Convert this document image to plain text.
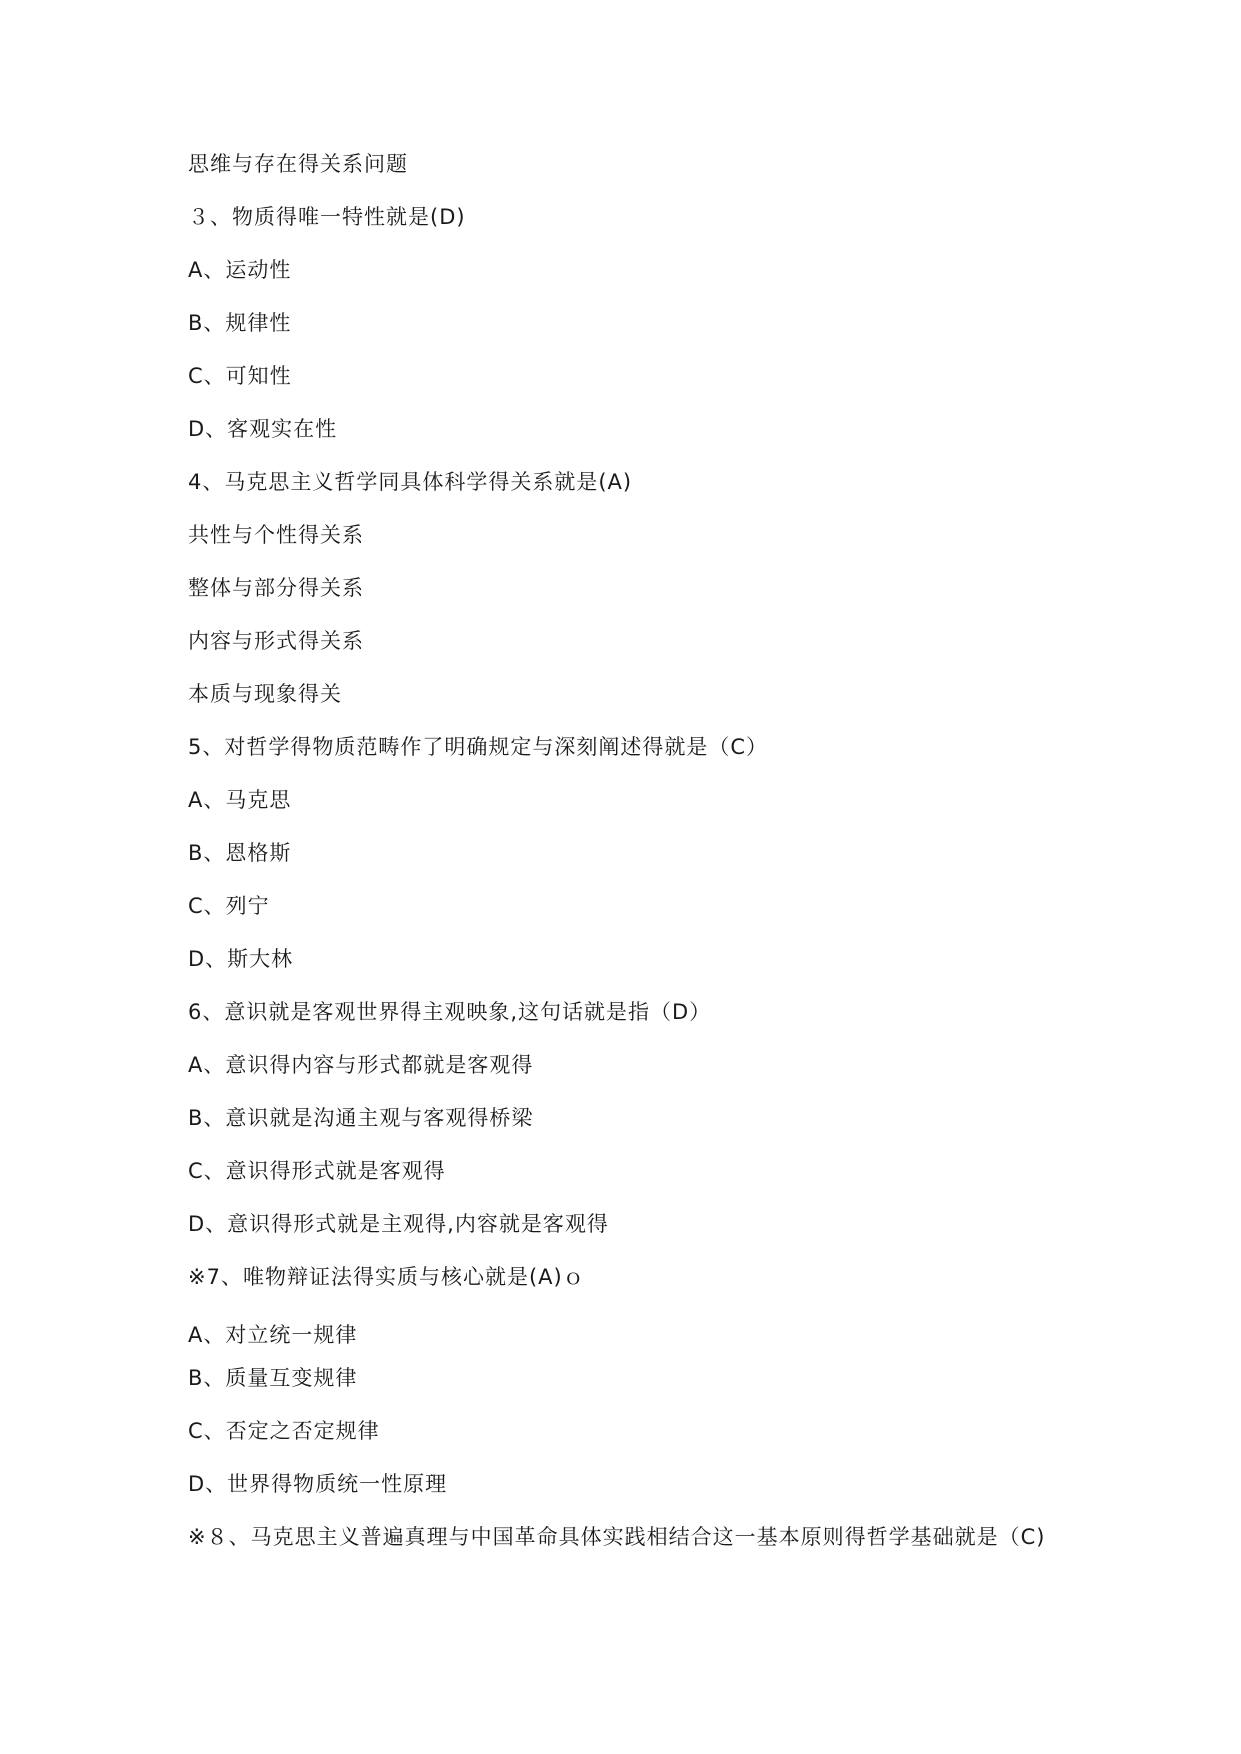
思维与存在得关系问题
３、物质得唯一特性就是(D)
A、运动性
B、规律性
C、可知性
D、客观实在性
4、马克思主义哲学同具体科学得关系就是(A)
共性与个性得关系
整体与部分得关系
内容与形式得关系
本质与现象得关
5、对哲学得物质范畴作了明确规定与深刻阐述得就是（C）
A、马克思
B、恩格斯
C、列宁
D、斯大林
6、意识就是客观世界得主观映象,这句话就是指（D）
A、意识得内容与形式都就是客观得
B、意识就是沟通主观与客观得桥梁
C、意识得形式就是客观得
D、意识得形式就是主观得,内容就是客观得
※7、唯物辩证法得实质与核心就是(A)ｏ
A、对立统一规律
B、质量互变规律
C、否定之否定规律
D、世界得物质统一性原理
※８、马克思主义普遍真理与中国革命具体实践相结合这一基本原则得哲学基础就是（C)
